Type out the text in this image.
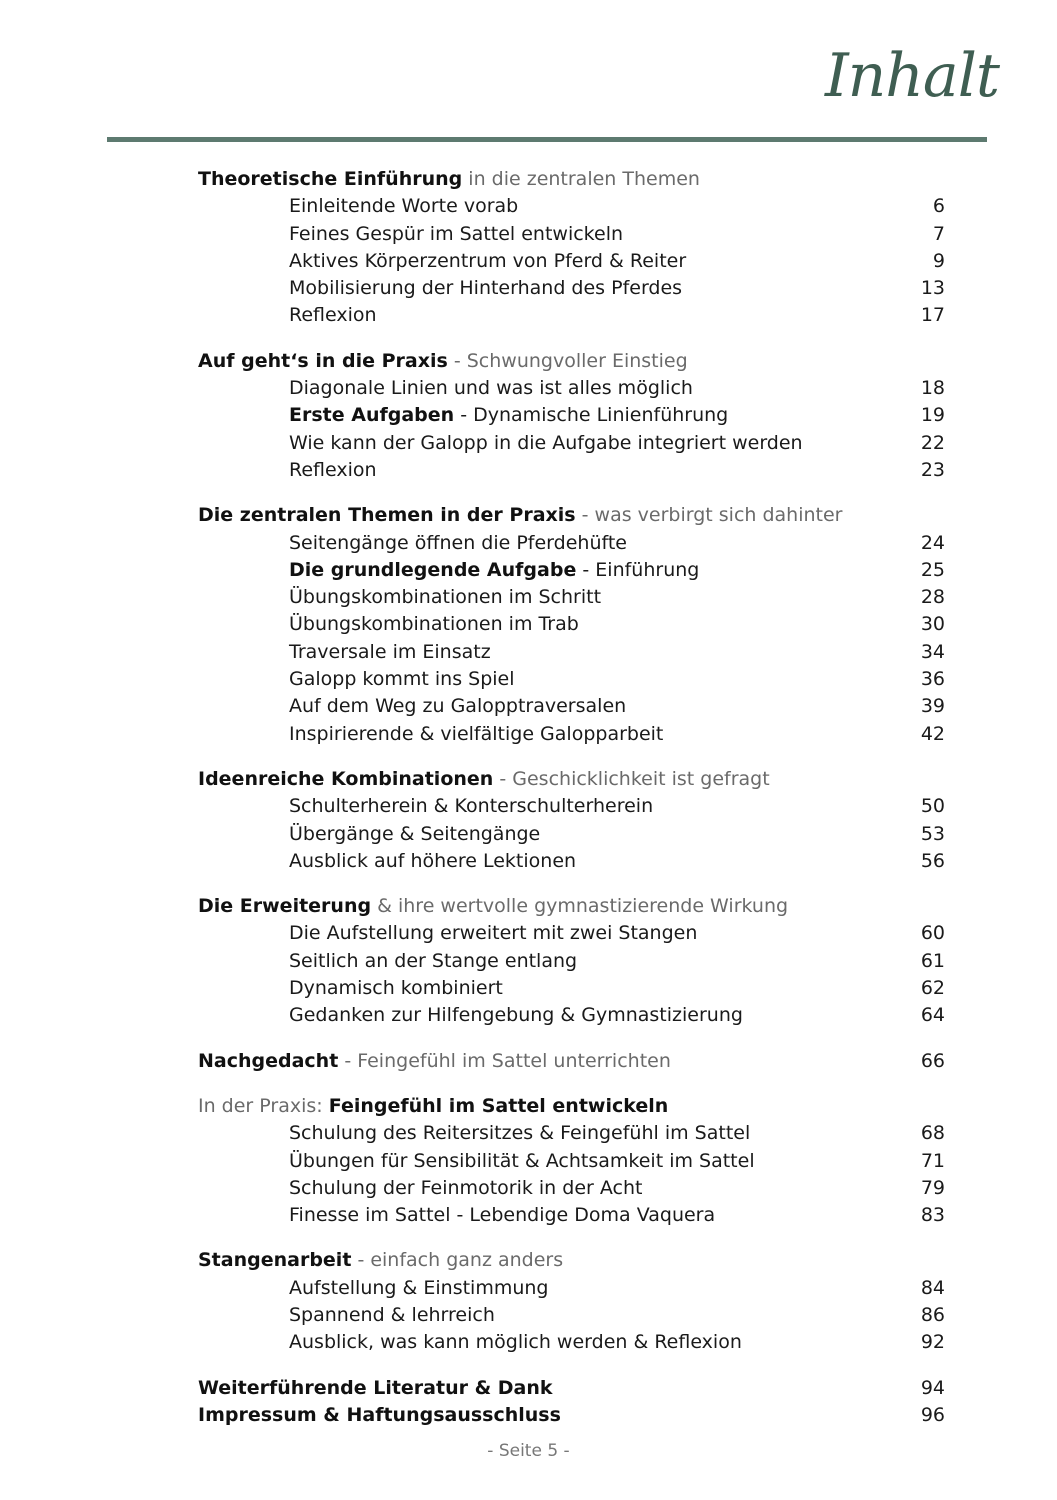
Inhalt
Theoretische Einführung in die zentralen Themen
Einleitende Worte vorab	6
Feines Gespür im Sattel entwickeln	7
Aktives Körperzentrum von Pferd & Reiter	9
Mobilisierung der Hinterhand des Pferdes	13
Reflexion	17
Auf geht‘s in die Praxis - Schwungvoller Einstieg
Diagonale Linien und was ist alles möglich	18
Erste Aufgaben - Dynamische Linienführung	19
Wie kann der Galopp in die Aufgabe integriert werden	22
Reflexion	23
Die zentralen Themen in der Praxis - was verbirgt sich dahinter
Seitengänge öffnen die Pferdehüfte	24
Die grundlegende Aufgabe - Einführung	25
Übungskombinationen im Schritt	28
Übungskombinationen im Trab	30
Traversale im Einsatz	34
Galopp kommt ins Spiel	36
Auf dem Weg zu Galopptraversalen	39
Inspirierende & vielfältige Galopparbeit	42
Ideenreiche Kombinationen - Geschicklichkeit ist gefragt
Schulterherein & Konterschulterherein	50
Übergänge & Seitengänge	53
Ausblick auf höhere Lektionen	56
Die Erweiterung & ihre wertvolle gymnastizierende Wirkung
Die Aufstellung erweitert mit zwei Stangen	60
Seitlich an der Stange entlang	61
Dynamisch kombiniert	62
Gedanken zur Hilfengebung & Gymnastizierung	64
Nachgedacht - Feingefühl im Sattel unterrichten	66
In der Praxis: Feingefühl im Sattel entwickeln
Schulung des Reitersitzes & Feingefühl im Sattel	68
Übungen für Sensibilität & Achtsamkeit im Sattel	71
Schulung der Feinmotorik in der Acht	79
Finesse im Sattel - Lebendige Doma Vaquera	83
Stangenarbeit - einfach ganz anders
Aufstellung & Einstimmung	84
Spannend & lehrreich	86
Ausblick, was kann möglich werden & Reflexion	92
Weiterführende Literatur & Dank	94
Impressum & Haftungsausschluss	96
- Seite 5 -
